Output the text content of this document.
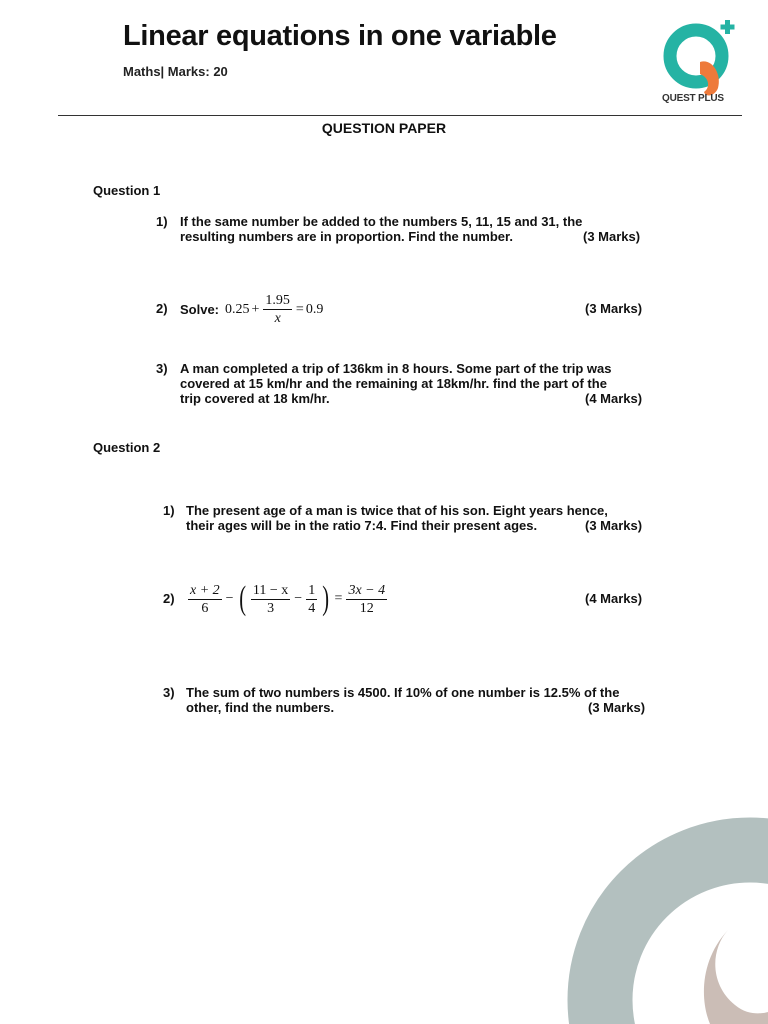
Linear equations in one variable
Maths| Marks: 20
QUEST PLUS
QUESTION PAPER
Question 1
1) If the same number be added to the numbers 5, 11, 15 and 31, the
resulting numbers are in proportion. Find the number.	(3 Marks)
2) Solve: $0.25 + \frac{1.95}{x} = 0.9$	(3 Marks)
3) A man completed a trip of 136km in 8 hours. Some part of the trip was
covered at 15 km/hr and the remaining at 18km/hr. find the part of the
trip covered at 18 km/hr.	(4 Marks)
Question 2
1) The present age of a man is twice that of his son. Eight years hence,
their ages will be in the ratio 7:4. Find their present ages.	(3 Marks)
$2) \frac{x + 2}{6}$ − ( $\frac{11 - x}{3} - \frac{1}{4}$ ) = $\frac{3x - 4}{12}$	(4 Marks)
3) The sum of two numbers is 4500. If 10% of one number is 12.5% of the
other, find the numbers.	(3 Marks)
